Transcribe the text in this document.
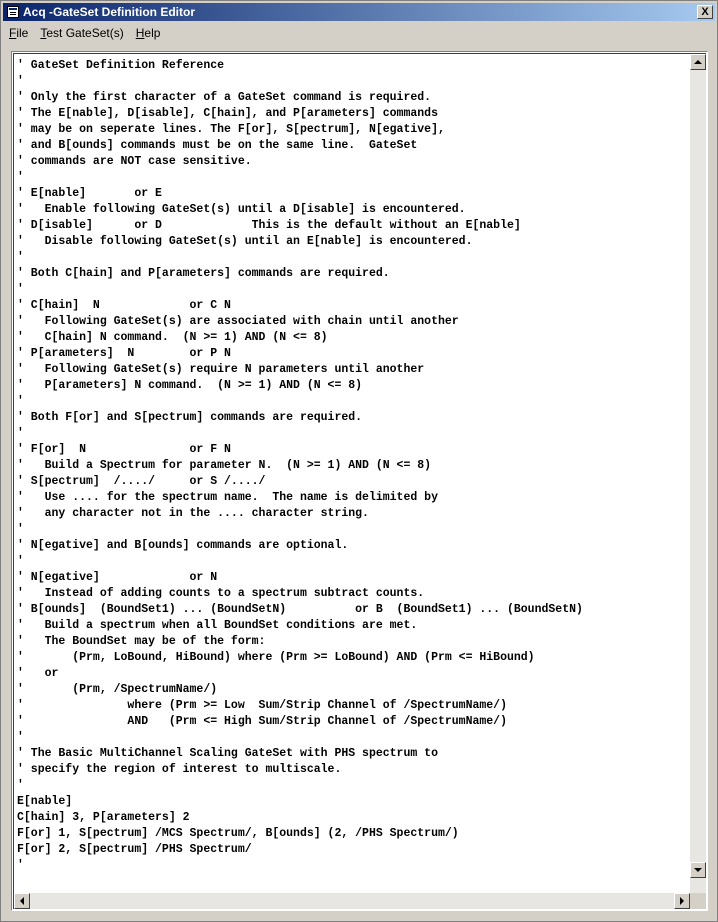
Acq -GateSet Definition Editor	X
File	Test GateSet(s)	Help
' GateSet Definition Reference
'
' Only the first character of a GateSet command is required.
' The E[nable], D[isable], C[hain], and P[arameters] commands
' may be on seperate lines. The F[or], S[pectrum], N[egative],
' and B[ounds] commands must be on the same line.  GateSet
' commands are NOT case sensitive.
'
' E[nable]       or E
'   Enable following GateSet(s) until a D[isable] is encountered.
' D[isable]      or D             This is the default without an E[nable]
'   Disable following GateSet(s) until an E[nable] is encountered.
'
' Both C[hain] and P[arameters] commands are required.
'
' C[hain]  N             or C N
'   Following GateSet(s) are associated with chain until another
'   C[hain] N command.  (N >= 1) AND (N <= 8)
' P[arameters]  N        or P N
'   Following GateSet(s) require N parameters until another
'   P[arameters] N command.  (N >= 1) AND (N <= 8)
'
' Both F[or] and S[pectrum] commands are required.
'
' F[or]  N               or F N
'   Build a Spectrum for parameter N.  (N >= 1) AND (N <= 8)
' S[pectrum]  /..../     or S /..../
'   Use .... for the spectrum name.  The name is delimited by
'   any character not in the .... character string.
'
' N[egative] and B[ounds] commands are optional.
'
' N[egative]             or N
'   Instead of adding counts to a spectrum subtract counts.
' B[ounds]  (BoundSet1) ... (BoundSetN)          or B  (BoundSet1) ... (BoundSetN)
'   Build a spectrum when all BoundSet conditions are met.
'   The BoundSet may be of the form:
'       (Prm, LoBound, HiBound) where (Prm >= LoBound) AND (Prm <= HiBound)
'   or
'       (Prm, /SpectrumName/)
'               where (Prm >= Low  Sum/Strip Channel of /SpectrumName/)
'               AND   (Prm <= High Sum/Strip Channel of /SpectrumName/)
'
' The Basic MultiChannel Scaling GateSet with PHS spectrum to
' specify the region of interest to multiscale.
'
E[nable]
C[hain] 3, P[arameters] 2
F[or] 1, S[pectrum] /MCS Spectrum/, B[ounds] (2, /PHS Spectrum/)
F[or] 2, S[pectrum] /PHS Spectrum/
'
